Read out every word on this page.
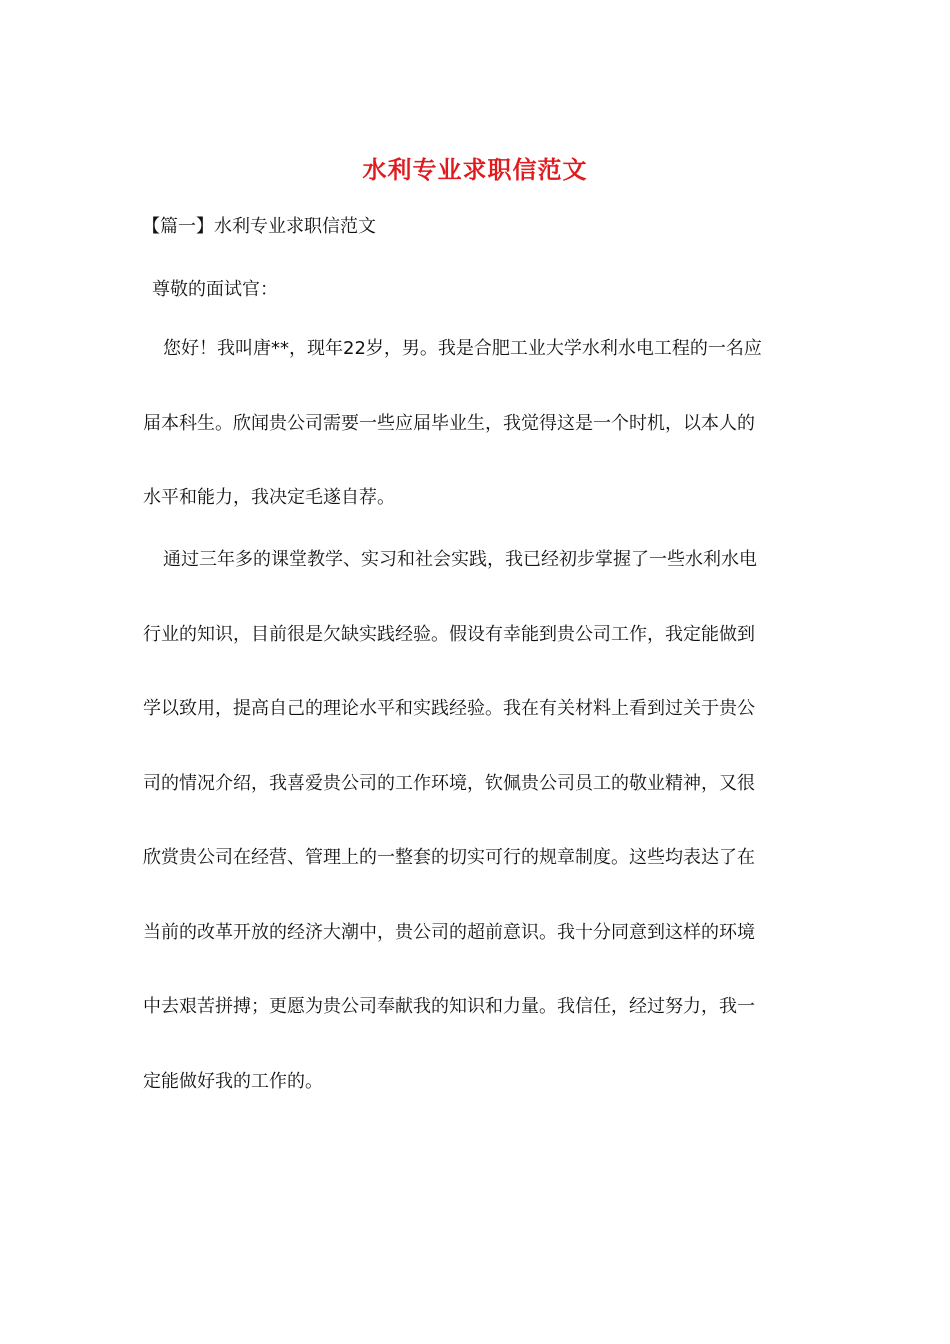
水利专业求职信范文
【篇一】水利专业求职信范文
尊敬的面试官：
您好！我叫唐**，现年22岁，男。我是合肥工业大学水利水电工程的一名应
届本科生。欣闻贵公司需要一些应届毕业生，我觉得这是一个时机，以本人的
水平和能力，我决定毛遂自荐。
通过三年多的课堂教学、实习和社会实践，我已经初步掌握了一些水利水电
行业的知识，目前很是欠缺实践经验。假设有幸能到贵公司工作，我定能做到
学以致用，提高自己的理论水平和实践经验。我在有关材料上看到过关于贵公
司的情况介绍，我喜爱贵公司的工作环境，钦佩贵公司员工的敬业精神，又很
欣赏贵公司在经营、管理上的一整套的切实可行的规章制度。这些均表达了在
当前的改革开放的经济大潮中，贵公司的超前意识。我十分同意到这样的环境
中去艰苦拼搏；更愿为贵公司奉献我的知识和力量。我信任，经过努力，我一
定能做好我的工作的。
